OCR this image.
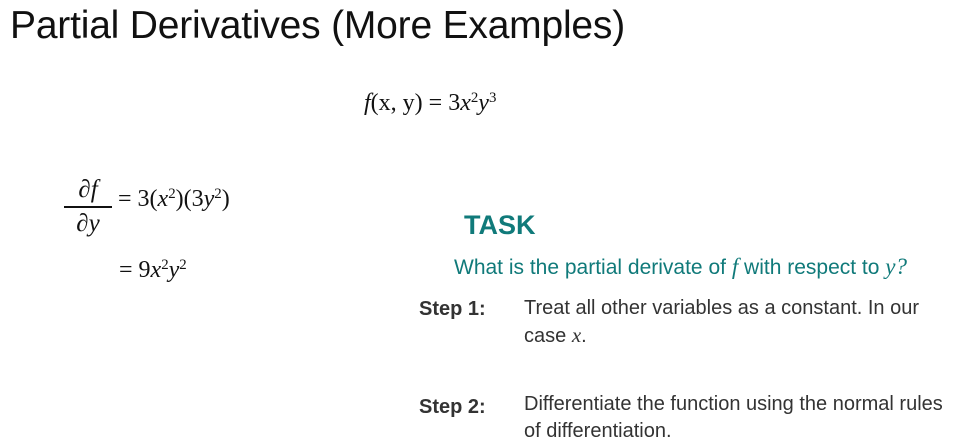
Partial Derivatives (More Examples)
f(x, $y) = 3x^2y^3$
∂f
∂y
= $3(x^2)(3y^2)$
= $9x^2y^2$
TASK
What is the partial derivate of f with respect to y?
Step 1: Treat all other variables as a constant. In our case x.
Step 2: Differentiate the function using the normal rules of differentiation.
